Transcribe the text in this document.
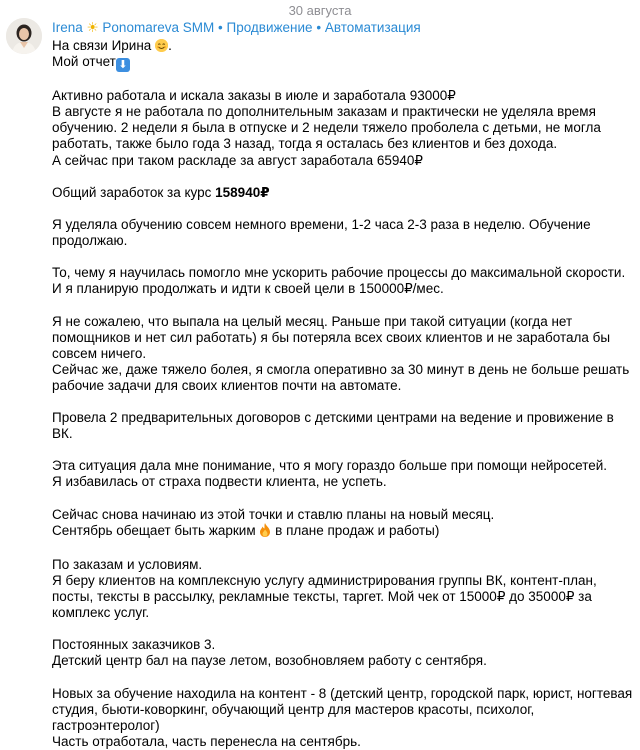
30 августа
Irena ☀ Ponomareva SMM • Продвижение • Автоматизация

На связи Ирина .

Мой отчет ⬇

Активно работала и искала заказы в июле и заработала 93000₽

В августе я не работала по дополнительным заказам и практически не уделяла время обучению. 2 недели я была в отпуске и 2 недели тяжело проболела с детьми, не могла работать, также было года 3 назад, тогда я осталась без клиентов и без дохода.

А сейчас при таком раскладе за август заработала 65940₽

Общий заработок за курс 158940₽

Я уделяла обучению совсем немного времени, 1-2 часа 2-3 раза в неделю. Обучение продолжаю.

То, чему я научилась помогло мне ускорить рабочие процессы до максимальной скорости. И я планирую продолжать и идти к своей цели в 150000₽/мес.

Я не сожалею, что выпала на целый месяц. Раньше при такой ситуации (когда нет помощников и нет сил работать) я бы потеряла всех своих клиентов и не заработала бы совсем ничего.

Сейчас же, даже тяжело болея, я смогла оперативно за 30 минут в день не больше решать рабочие задачи для своих клиентов почти на автомате.

Провела 2 предварительных договоров с детскими центрами на ведение и провижение в ВК.

Эта ситуация дала мне понимание, что я могу гораздо больше при помощи нейросетей.

Я избавилась от страха подвести клиента, не успеть.

Сейчас снова начинаю из этой точки и ставлю планы на новый месяц.

Сентябрь обещает быть жарким в плане продаж и работы)

По заказам и условиям.

Я беру клиентов на комплексную услугу администрирования группы ВК, контент-план, посты, тексты в рассылку, рекламные тексты, таргет. Мой чек от 15000₽ до 35000₽ за комплекс услуг.

Постоянных заказчиков 3.

Детский центр бал на паузе летом, возобновляем работу с сентября.

Новых за обучение находила на контент - 8 (детский центр, городской парк, юрист, ногтевая студия, бьюти-коворкинг, обучающий центр для мастеров красоты, психолог, гастроэнтеролог)

Часть отработала, часть перенесла на сентябрь.
